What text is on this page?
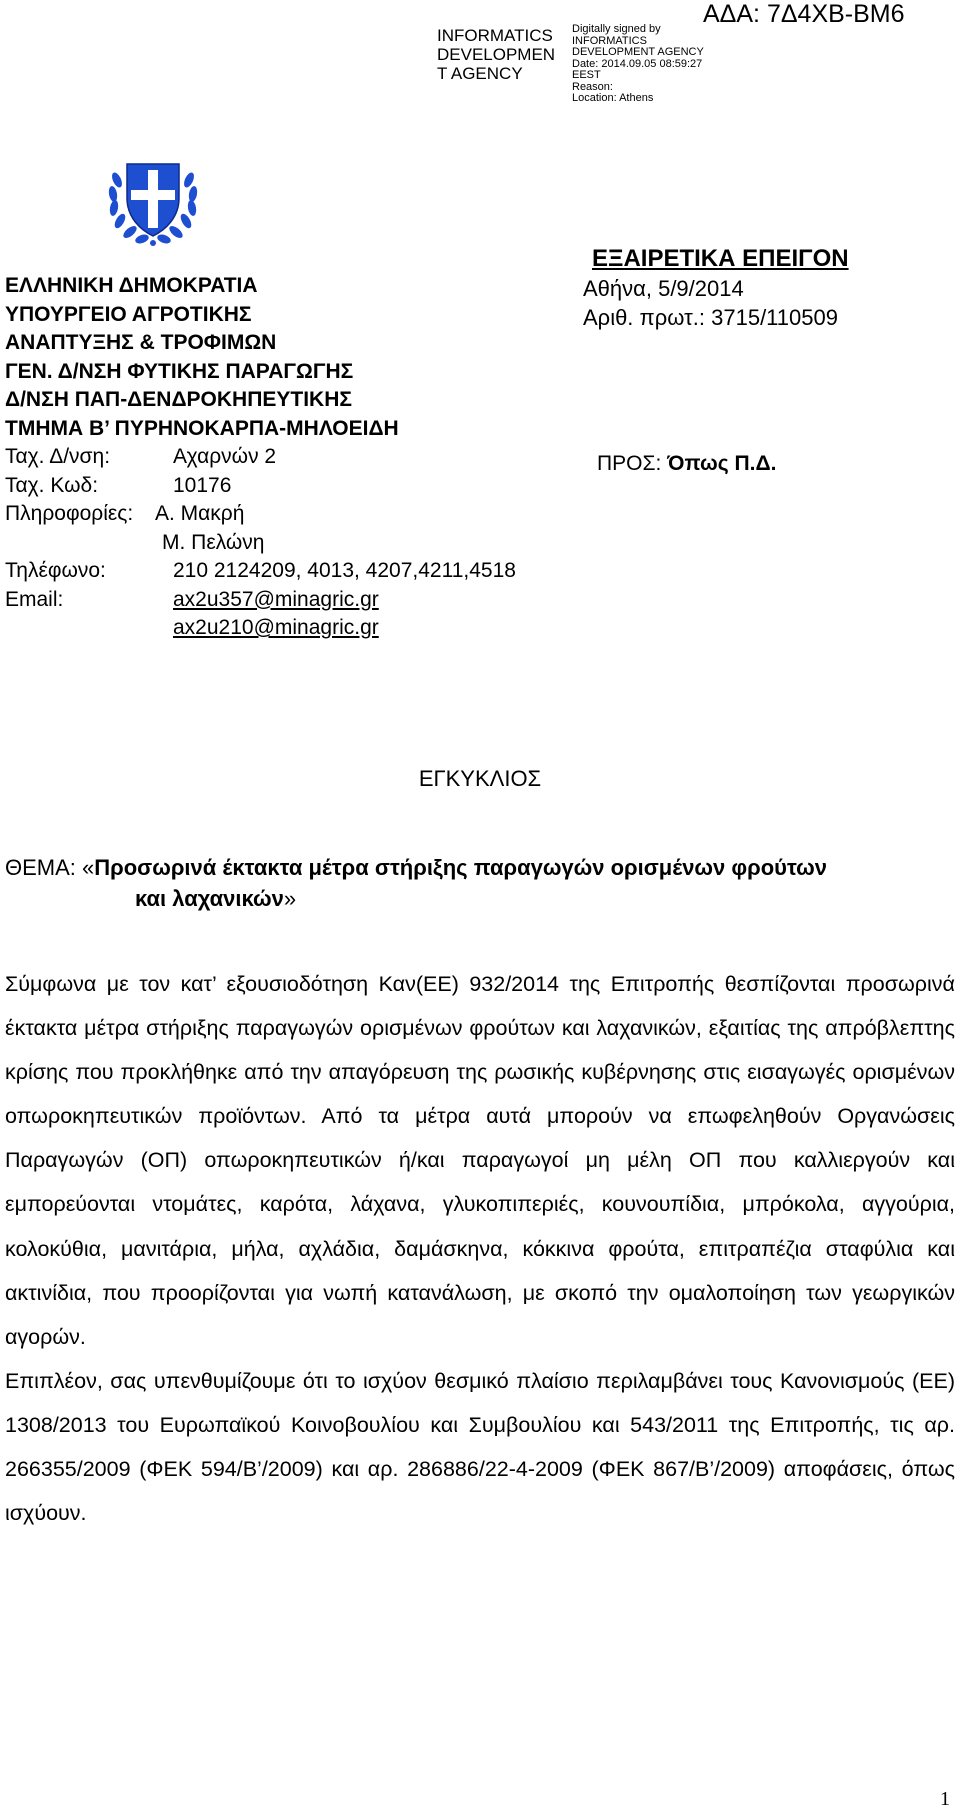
INFORMATICS
DEVELOPMEN
T AGENCY
Digitally signed by
INFORMATICS
DEVELOPMENT AGENCY
Date: 2014.09.05 08:59:27
EEST
Reason:
Location: Athens
ΑΔΑ: 7Δ4ΧΒ-ΒΜ6
ΕΞΑΙΡΕΤΙΚΑ ΕΠΕΙΓΟΝ
Αθήνα, 5/9/2014
Αριθ. πρωτ.: 3715/110509
ΕΛΛΗΝΙΚΗ ΔΗΜΟΚΡΑΤΙΑ
ΥΠΟΥΡΓΕΙΟ ΑΓΡΟΤΙΚΗΣ
ΑΝΑΠΤΥΞΗΣ & ΤΡΟΦΙΜΩΝ
ΓΕΝ. Δ/ΝΣΗ ΦΥΤΙΚΗΣ ΠΑΡΑΓΩΓΗΣ
Δ/ΝΣΗ ΠΑΠ-ΔΕΝΔΡΟΚΗΠΕΥΤΙΚΗΣ
ΤΜΗΜΑ Β’ ΠΥΡΗΝΟΚΑΡΠΑ-ΜΗΛΟΕΙΔΗ
Ταχ. Δ/νση:	Αχαρνών 2
Ταχ. Κωδ:	10176
Πληροφορίες: Α. Μακρή
Μ. Πελώνη
Τηλέφωνο:	210 2124209, 4013, 4207,4211,4518
Email:	ax2u357@minagric.gr
ax2u210@minagric.gr
ΠΡΟΣ: Όπως Π.Δ.
ΕΓΚΥΚΛΙΟΣ
ΘΕΜΑ: «Προσωρινά έκτακτα μέτρα στήριξης παραγωγών ορισμένων φρούτων
και λαχανικών»

Σύμφωνα με τον κατ’ εξουσιοδότηση Καν(ΕΕ) 932/2014 της Επιτροπής θεσπίζονται προσωρινά έκτακτα μέτρα στήριξης παραγωγών ορισμένων φρούτων και λαχανικών, εξαιτίας της απρόβλεπτης κρίσης που προκλήθηκε από την απαγόρευση της ρωσικής κυβέρνησης στις εισαγωγές ορισμένων οπωροκηπευτικών προϊόντων. Από τα μέτρα αυτά μπορούν να επωφεληθούν Οργανώσεις Παραγωγών (ΟΠ) οπωροκηπευτικών ή/και παραγωγοί μη μέλη ΟΠ που καλλιεργούν και εμπορεύονται ντομάτες, καρότα, λάχανα, γλυκοπιπεριές, κουνουπίδια, μπρόκολα, αγγούρια, κολοκύθια, μανιτάρια, μήλα, αχλάδια, δαμάσκηνα, κόκκινα φρούτα, επιτραπέζια σταφύλια και ακτινίδια, που προορίζονται για νωπή κατανάλωση, με σκοπό την ομαλοποίηση των γεωργικών αγορών.

Επιπλέον, σας υπενθυμίζουμε ότι το ισχύον θεσμικό πλαίσιο περιλαμβάνει τους Κανονισμούς (ΕΕ) 1308/2013 του Ευρωπαϊκού Κοινοβουλίου και Συμβουλίου και 543/2011 της Επιτροπής, τις αρ. 266355/2009 (ΦΕΚ 594/Β’/2009) και αρ. 286886/22-4-2009 (ΦΕΚ 867/Β’/2009) αποφάσεις, όπως ισχύουν.

1
